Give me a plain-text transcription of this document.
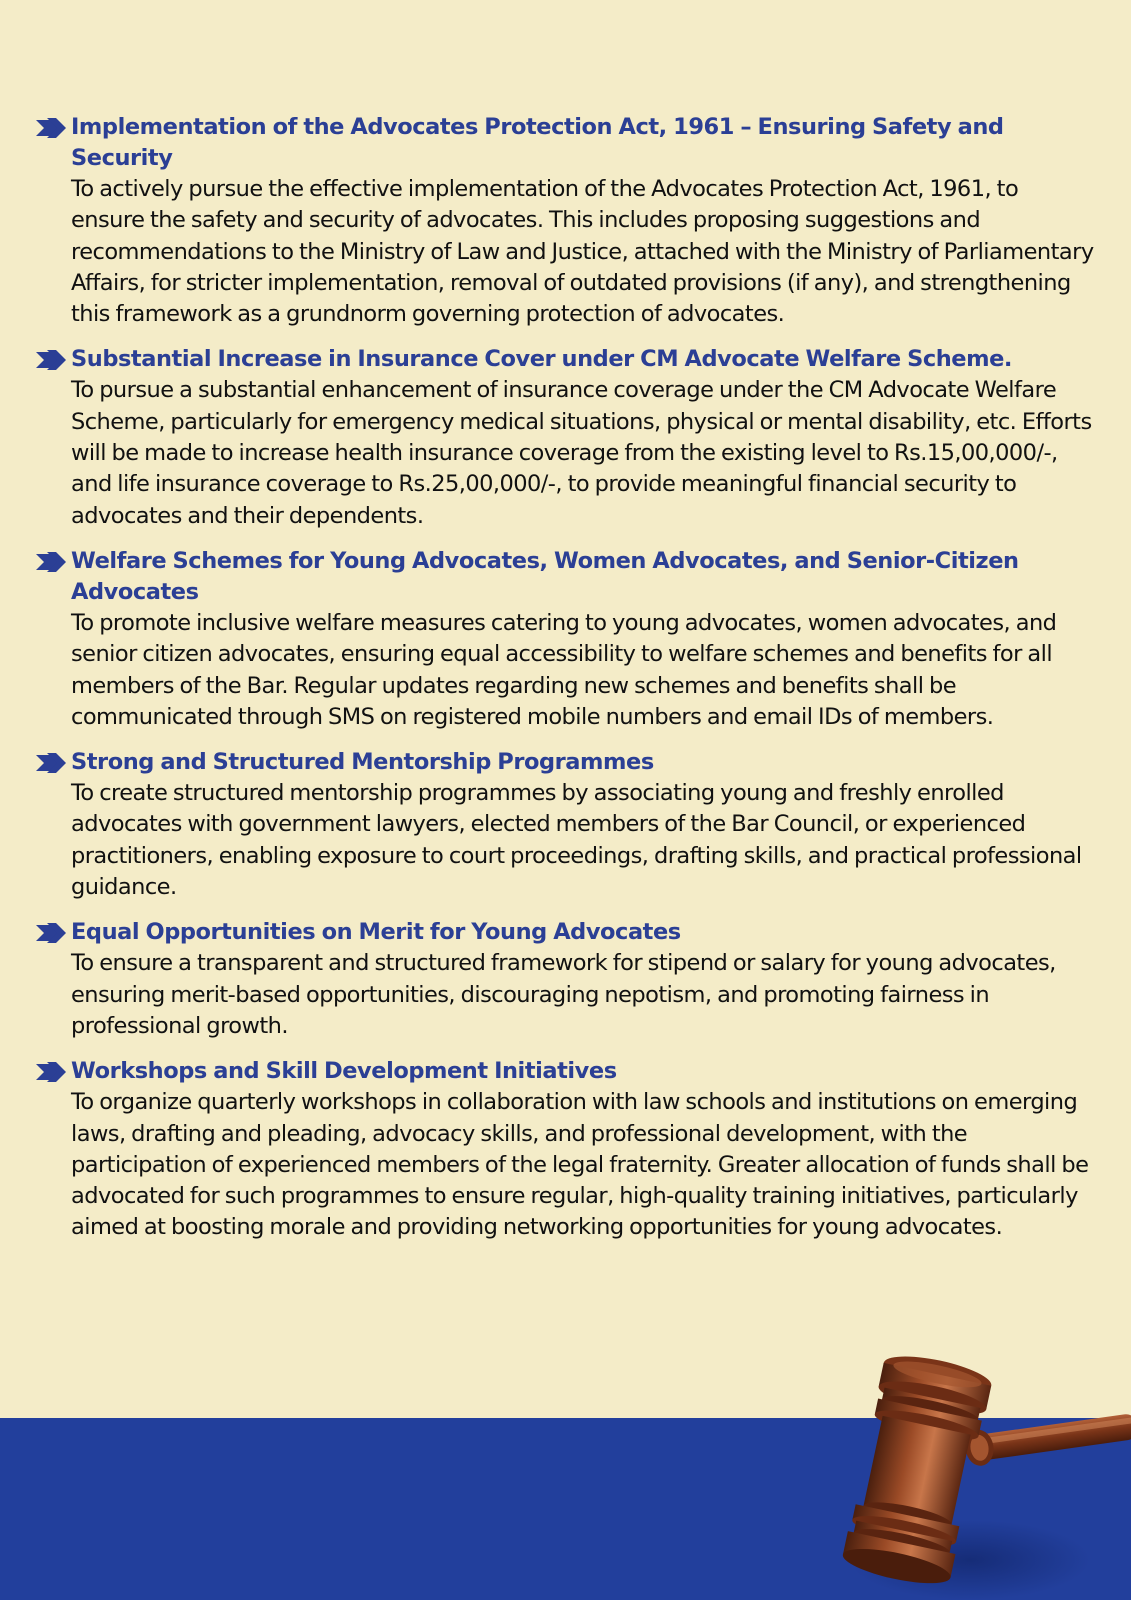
Implementation of the Advocates Protection Act, 1961 – Ensuring Safety and Security
To actively pursue the effective implementation of the Advocates Protection Act, 1961, to ensure the safety and security of advocates. This includes proposing suggestions and recommendations to the Ministry of Law and Justice, attached with the Ministry of Parliamentary Affairs, for stricter implementation, removal of outdated provisions (if any), and strengthening this framework as a grundnorm governing protection of advocates.
Substantial Increase in Insurance Cover under CM Advocate Welfare Scheme.
To pursue a substantial enhancement of insurance coverage under the CM Advocate Welfare Scheme, particularly for emergency medical situations, physical or mental disability, etc. Efforts will be made to increase health insurance coverage from the existing level to Rs.15,00,000/-, and life insurance coverage to Rs.25,00,000/-, to provide meaningful financial security to advocates and their dependents.
Welfare Schemes for Young Advocates, Women Advocates, and Senior-Citizen Advocates
To promote inclusive welfare measures catering to young advocates, women advocates, and senior citizen advocates, ensuring equal accessibility to welfare schemes and benefits for all members of the Bar. Regular updates regarding new schemes and benefits shall be communicated through SMS on registered mobile numbers and email IDs of members.
Strong and Structured Mentorship Programmes
To create structured mentorship programmes by associating young and freshly enrolled advocates with government lawyers, elected members of the Bar Council, or experienced practitioners, enabling exposure to court proceedings, drafting skills, and practical professional guidance.
Equal Opportunities on Merit for Young Advocates
To ensure a transparent and structured framework for stipend or salary for young advocates, ensuring merit-based opportunities, discouraging nepotism, and promoting fairness in professional growth.
Workshops and Skill Development Initiatives
To organize quarterly workshops in collaboration with law schools and institutions on emerging laws, drafting and pleading, advocacy skills, and professional development, with the participation of experienced members of the legal fraternity. Greater allocation of funds shall be advocated for such programmes to ensure regular, high-quality training initiatives, particularly aimed at boosting morale and providing networking opportunities for young advocates.
